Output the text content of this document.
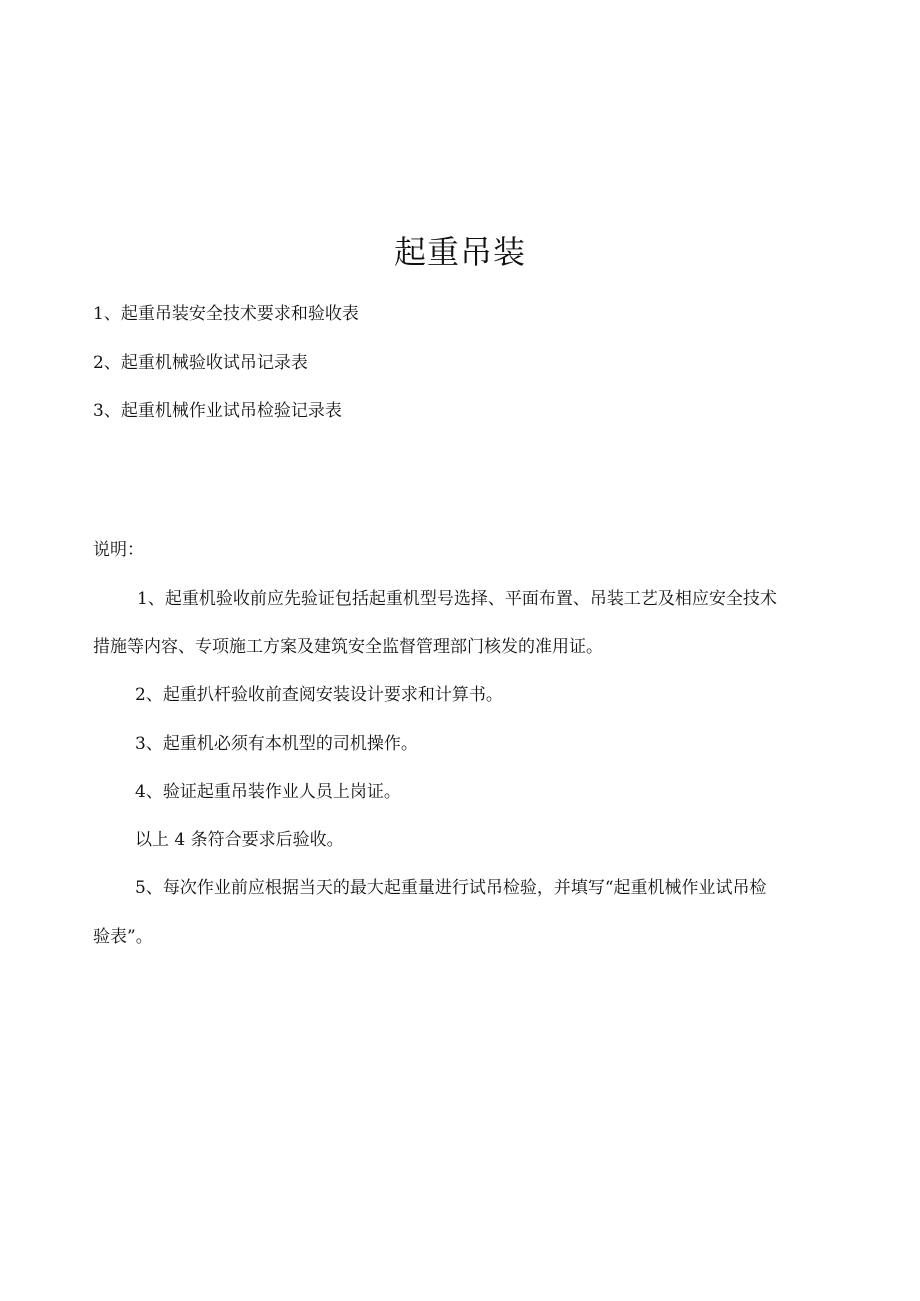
起重吊装
1、起重吊装安全技术要求和验收表
2、起重机械验收试吊记录表
3、起重机械作业试吊检验记录表
说明：
1、起重机验收前应先验证包括起重机型号选择、平面布置、吊装工艺及相应安全技术
措施等内容、专项施工方案及建筑安全监督管理部门核发的准用证。
2、起重扒杆验收前查阅安装设计要求和计算书。
3、起重机必须有本机型的司机操作。
4、验证起重吊装作业人员上岗证。
以上 4 条符合要求后验收。
5、每次作业前应根据当天的最大起重量进行试吊检验，并填写“起重机械作业试吊检
验表”。
